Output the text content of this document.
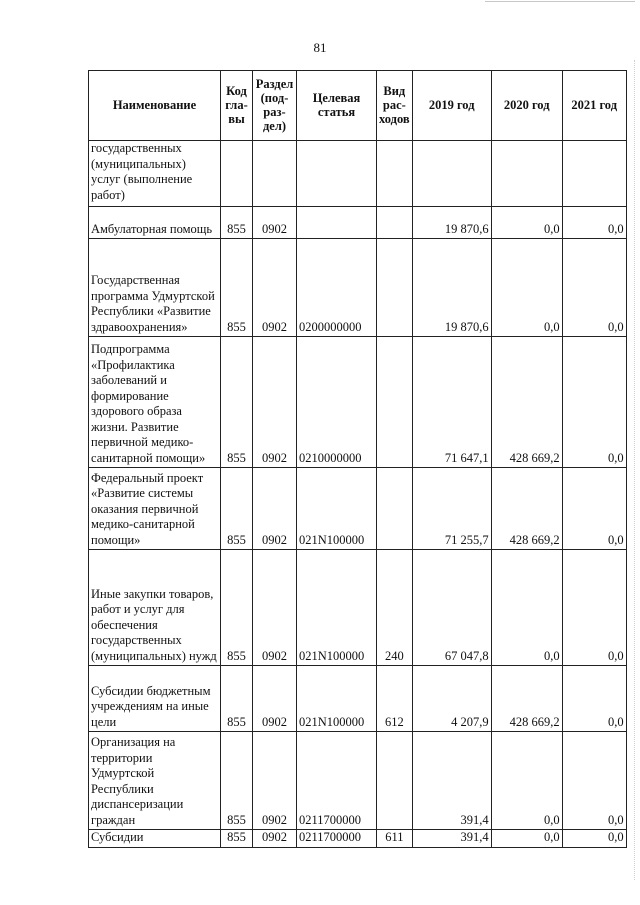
81
Наименование	Код гла- вы	Раздел (под- раз- дел)	Целевая статья	Вид рас- ходов	2019 год	2020 год	2021 год
государственных (муниципальных) услуг (выполнение работ)							
Амбулаторная помощь	855	0902			19 870,6	0,0	0,0
Государственная программа Удмуртской Республики «Развитие здравоохранения»	855	0902	0200000000		19 870,6	0,0	0,0
Подпрограмма «Профилактика заболеваний и формирование здорового образа жизни. Развитие первичной медико-санитарной помощи»	855	0902	0210000000		71 647,1	428 669,2	0,0
Федеральный проект «Развитие системы оказания первичной медико-санитарной помощи»	855	0902	021N100000		71 255,7	428 669,2	0,0
Иные закупки товаров, работ и услуг для обеспечения государственных (муниципальных) нужд	855	0902	021N100000	240	67 047,8	0,0	0,0
Субсидии бюджетным учреждениям на иные цели	855	0902	021N100000	612	4 207,9	428 669,2	0,0
Организация на территории Удмуртской Республики диспансеризации граждан	855	0902	0211700000		391,4	0,0	0,0
Субсидии	855	0902	0211700000	611	391,4	0,0	0,0
